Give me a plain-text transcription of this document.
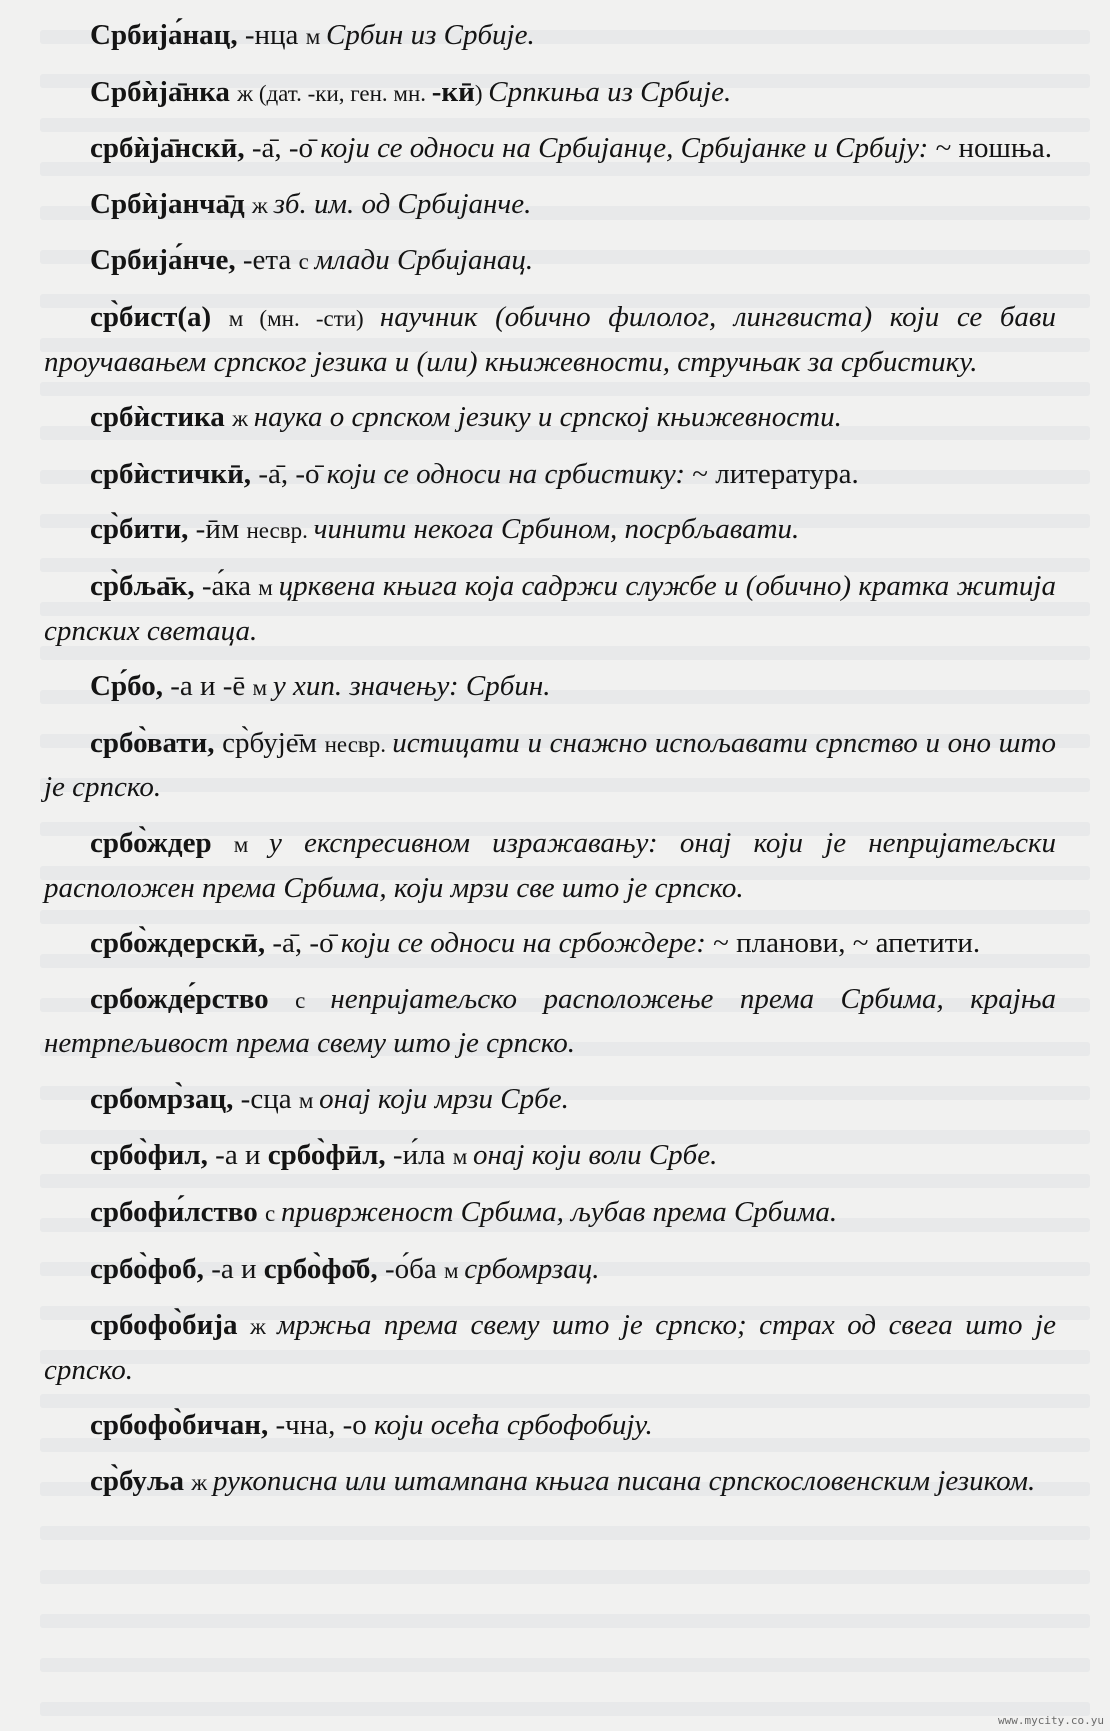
Србија́нац, -нца м Србин из Србије.

Србѝја̄нка ж (дат. -ки, ген. мн. -кӣ) Српкиња из Србије.

србѝја̄нскӣ, -а̄, -о̄ који се односи на Србијанце, Србијанке и Србију: ~ ношња.

Србѝјанча̄д ж зб. им. од Србијанче.

Србија́нче, -ета с млади Србијанац.

ср̀бист(а) м (мн. -сти) научник (обично филолог, лингвиста) који се бави проучавањем српског језика и (или) књижевности, стручњак за србистику.

србѝстика ж наука о српском језику и српској књижевности.

србѝстичкӣ, -а̄, -о̄ који се односи на србистику: ~ литература.

ср̀бити, -ӣм несвр. чинити некога Србином, посрбљавати.

ср̀бља̄к, -а́ка м црквена књига која садржи службе и (обично) кратка житија српских светаца.

Ср́бо, -а и -ē м у хип. значењу: Србин.

србо̀вати, ср̀бује̄м несвр. истицати и снажно испољавати српство и оно што је српско.

србо̀ждер м у експресивном изражавању: онај који је непријатељски расположен према Србима, који мрзи све што је српско.

србо̀ждерскӣ, -а̄, -о̄ који се односи на србождере: ~ планови, ~ апетити.

србожде́рство с непријатељско расположење према Србима, крајња нетрпељивост према свему што је српско.

србомр̀зац, -сца м онај који мрзи Србе.

србо̀фил, -а и србо̀фӣл, -и́ла м онај који воли Србе.

србофи́лство с привржeност Србима, љубав према Србима.

србо̀фоб, -а и србо̀фо̄б, -о́ба м србомрзац.

србофо̀бија ж мржња према свему што је српско; страх од свега што је српско.

србофо̀бичан, -чна, -о који осећа србофобију.

ср̀буља ж рукописна или штампана књига писана српскословенским језиком.

www.mycity.co.yu
